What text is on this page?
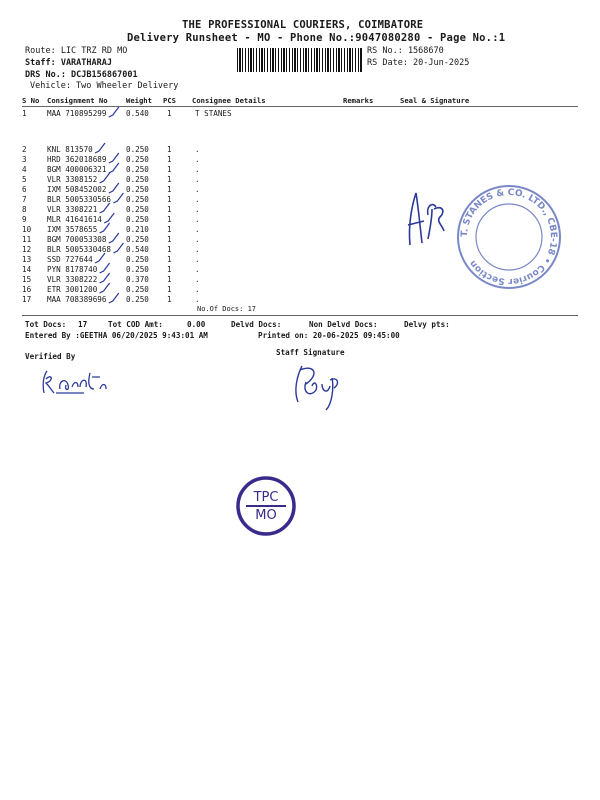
THE PROFESSIONAL COURIERS, COIMBATORE
Delivery Runsheet - MO - Phone No.:9047080280 - Page No.:1
Route: LIC TRZ RD MO
Staff: VARATHARAJ
DRS No.: DCJB156867001
Vehicle: Two Wheeler Delivery
RS No.: 1568670
RS Date: 20-Jun-2025
S No Consignment No	Weight PCS Consignee Details	Remarks	Seal & Signature
1	MAA 710895299	0.540 1	T STANES
2	KNL 813570	0.250 1	.
3	HRD 362018689	0.250 1	.
4	BGM 400006321	0.250 1	.
5	VLR 3308152	0.250 1	.
6	IXM 508452002	0.250 1	.
7	BLR 5005330566 0.250 1	.
8	VLR 3308221	0.250 1	.
9	MLR 41641614	0.250 1	.
10 IXM 3578655	0.210 1	.
11 BGM 700053308	0.250 1	.
12 BLR 5005330468 0.540 1	.
13 SSD 727644	0.250 1	.
14 PYN 8178740	0.250 1	.
15 VLR 3308222	0.370 1	.
16 ETR 3001200	0.250 1	.
17 MAA 708389696	0.250 1	.
No.Of Docs: 17
Tot Docs: 17	Tot COD Amt:	0.00	Delvd Docs:	Non Delvd Docs:	Delvy pts:
Entered By :GEETHA 06/20/2025 9:43:01 AM	Printed on: 20-06-2025 09:45:00
Verified By	Staff Signature
T. STANES & CO. LTD., CBE-18 • Courier Section
TPC
MO
